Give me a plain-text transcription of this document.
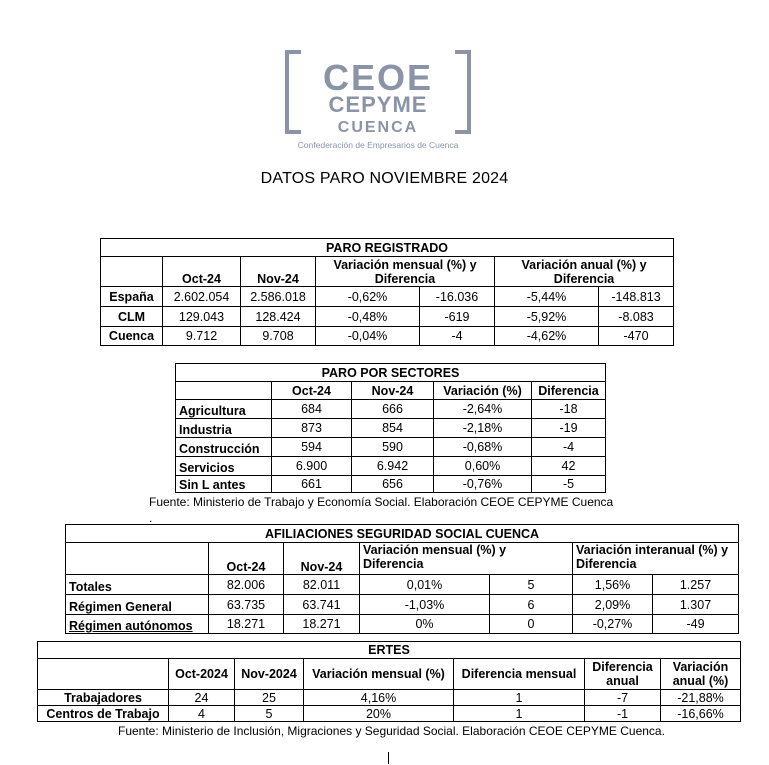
CEOE
CEPYME
CUENCA
Confederación de Empresarios de Cuenca
DATOS PARO NOVIEMBRE 2024
PARO REGISTRADO						
	Oct-24	Nov-24	Variación mensual (%) y Diferencia		Variación anual (%) y Diferencia	
España	2.602.054	2.586.018	-0,62%	-16.036	-5,44%	-148.813
CLM	129.043	128.424	-0,48%	-619	-5,92%	-8.083
Cuenca	9.712	9.708	-0,04%	-4	-4,62%	-470
PARO POR SECTORES				
	Oct-24	Nov-24	Variación (%)	Diferencia
Agricultura	684	666	-2,64%	-18
Industria	873	854	-2,18%	-19
Construcción	594	590	-0,68%	-4
Servicios	6.900	6.942	0,60%	42
Sin L antes	661	656	-0,76%	-5
Fuente: Ministerio de Trabajo y Economía Social. Elaboración CEOE CEPYME Cuenca
.
AFILIACIONES SEGURIDAD SOCIAL CUENCA						
	Oct-24	Nov-24	Variación mensual (%) y Diferencia		Variación interanual (%) y Diferencia	
Totales	82.006	82.011	0,01%	5	1,56%	1.257
Régimen General	63.735	63.741	-1,03%	6	2,09%	1.307
Régimen autónomos	18.271	18.271	0%	0	-0,27%	-49
ERTES						
	Oct-2024	Nov-2024	Variación mensual (%)	Diferencia mensual	Diferencia anual	Variación anual (%)
Trabajadores	24	25	4,16%	1	-7	-21,88%
Centros de Trabajo	4	5	20%	1	-1	-16,66%
Fuente: Ministerio de Inclusión, Migraciones y Seguridad Social. Elaboración CEOE CEPYME Cuenca.
